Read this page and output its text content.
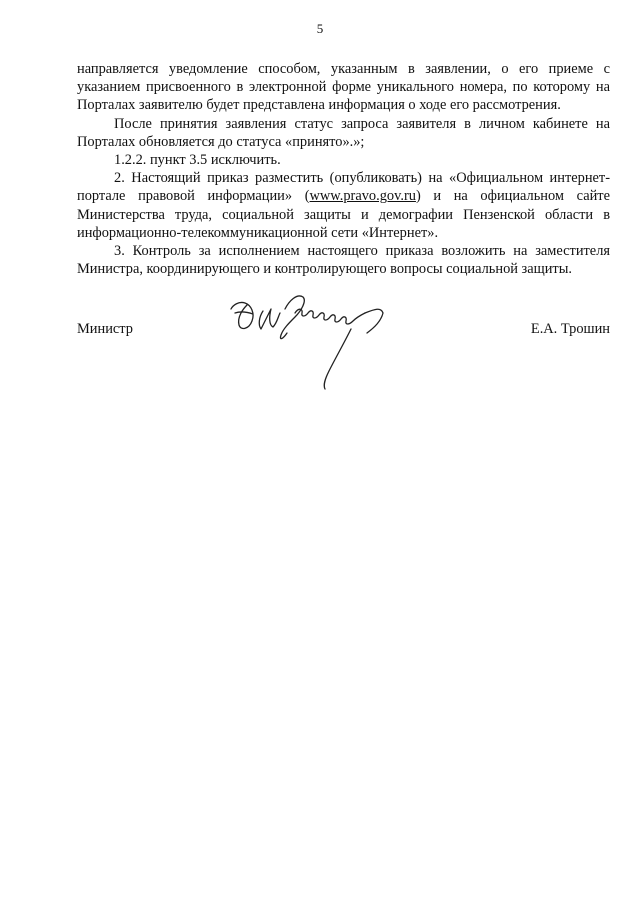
5

направляется уведомление способом, указанным в заявлении, о его приеме с указанием присвоенного в электронной форме уникального номера, по которому на Порталах заявителю будет представлена информация о ходе его рассмотрения.

После принятия заявления статус запроса заявителя в личном кабинете на Порталах обновляется до статуса «принято».»;

1.2.2. пункт 3.5 исключить.

2. Настоящий приказ разместить (опубликовать) на «Официальном интернет-портале правовой информации» (www.pravo.gov.ru) и на официальном сайте Министерства труда, социальной защиты и демографии Пензенской области в информационно-телекоммуникационной сети «Интернет».

3. Контроль за исполнением настоящего приказа возложить на заместителя Министра, координирующего и контролирующего вопросы социальной защиты.

Министр	Е.А. Трошин
